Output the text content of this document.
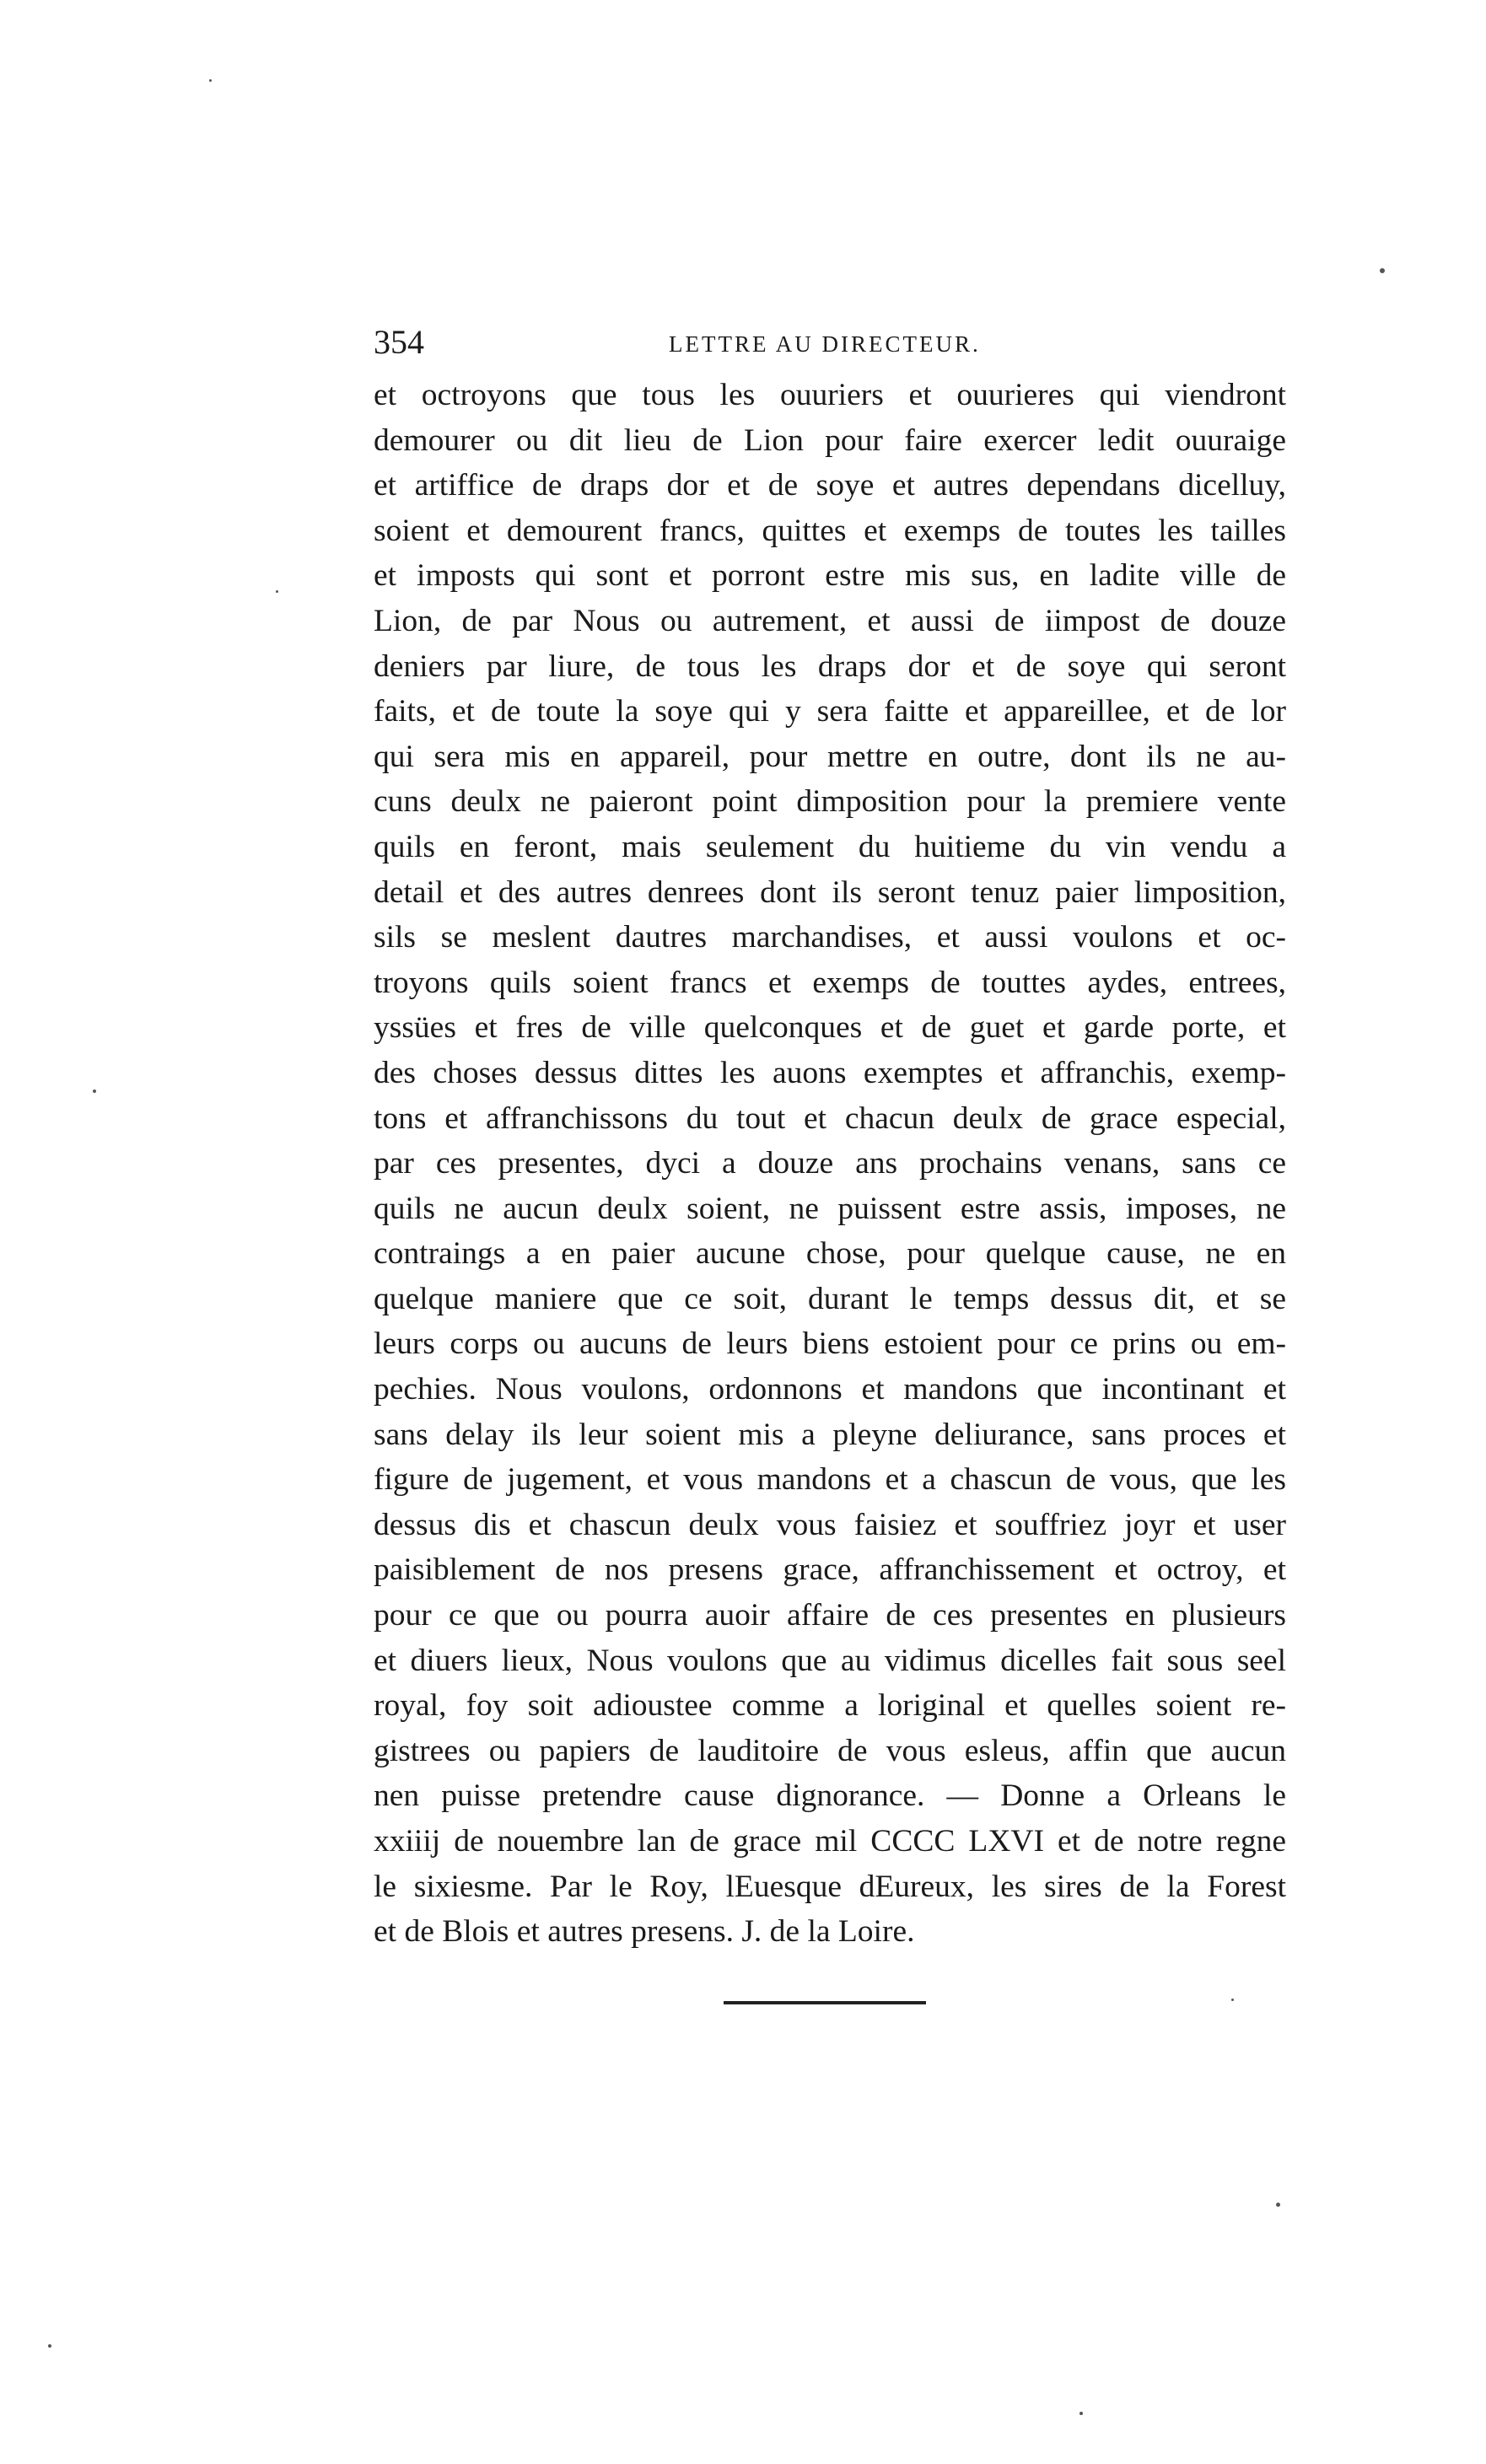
354	LETTRE AU DIRECTEUR.
et octroyons que tous les ouuriers et ouurieres qui viendront
demourer ou dit lieu de Lion pour faire exercer ledit ouuraige
et artiffice de draps dor et de soye et autres dependans dicelluy,
soient et demourent francs, quittes et exemps de toutes les tailles
et imposts qui sont et porront estre mis sus, en ladite ville de
Lion, de par Nous ou autrement, et aussi de iimpost de douze
deniers par liure, de tous les draps dor et de soye qui seront
faits, et de toute la soye qui y sera faitte et appareillee, et de lor
qui sera mis en appareil, pour mettre en outre, dont ils ne au-
cuns deulx ne paieront point dimposition pour la premiere vente
quils en feront, mais seulement du huitieme du vin vendu a
detail et des autres denrees dont ils seront tenuz paier limposition,
sils se meslent dautres marchandises, et aussi voulons et oc-
troyons quils soient francs et exemps de touttes aydes, entrees,
yssües et fres de ville quelconques et de guet et garde porte, et
des choses dessus dittes les auons exemptes et affranchis, exemp-
tons et affranchissons du tout et chacun deulx de grace especial,
par ces presentes, dyci a douze ans prochains venans, sans ce
quils ne aucun deulx soient, ne puissent estre assis, imposes, ne
contraings a en paier aucune chose, pour quelque cause, ne en
quelque maniere que ce soit, durant le temps dessus dit, et se
leurs corps ou aucuns de leurs biens estoient pour ce prins ou em-
pechies. Nous voulons, ordonnons et mandons que incontinant et
sans delay ils leur soient mis a pleyne deliurance, sans proces et
figure de jugement, et vous mandons et a chascun de vous, que les
dessus dis et chascun deulx vous faisiez et souffriez joyr et user
paisiblement de nos presens grace, affranchissement et octroy, et
pour ce que ou pourra auoir affaire de ces presentes en plusieurs
et diuers lieux, Nous voulons que au vidimus dicelles fait sous seel
royal, foy soit adioustee comme a loriginal et quelles soient re-
gistrees ou papiers de lauditoire de vous esleus, affin que aucun
nen puisse pretendre cause dignorance. — Donne a Orleans le
xxiiij de nouembre lan de grace mil CCCC LXVI et de notre regne
le sixiesme. Par le Roy, lEuesque dEureux, les sires de la Forest
et de Blois et autres presens. J. de la Loire.
